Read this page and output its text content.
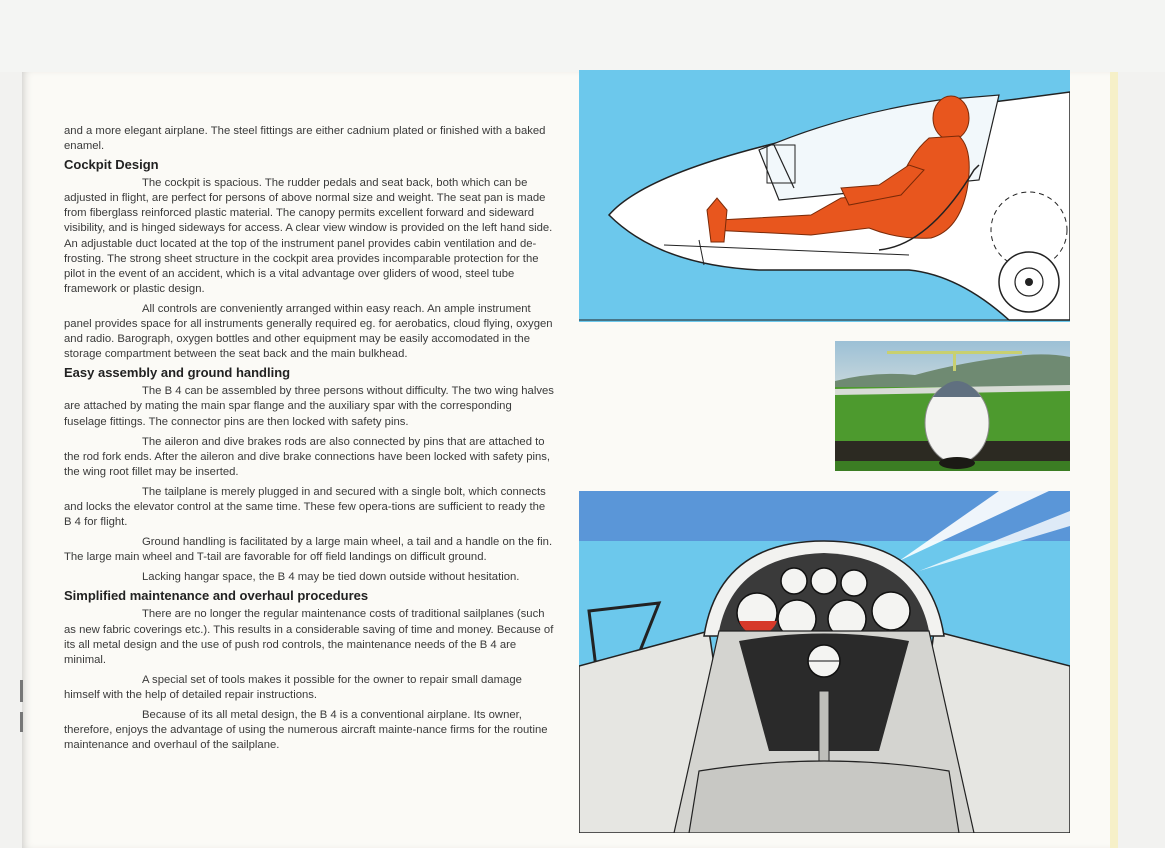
and a more elegant airplane. The steel fittings are either cadnium plated or finished with a baked enamel.

Cockpit Design

The cockpit is spacious. The rudder pedals and seat back, both which can be adjusted in flight, are perfect for persons of above normal size and weight. The seat pan is made from fiberglass reinforced plastic material. The canopy permits excellent forward and sideward visibility, and is hinged sideways for access. A clear view window is provided on the left hand side. An adjustable duct located at the top of the instrument panel provides cabin ventilation and de-frosting. The strong sheet structure in the cockpit area provides incomparable protection for the pilot in the event of an accident, which is a vital advantage over gliders of wood, steel tube framework or plastic design.

All controls are conveniently arranged within easy reach. An ample instrument panel provides space for all instruments generally required eg. for aerobatics, cloud flying, oxygen and radio. Barograph, oxygen bottles and other equipment may be easily accomodated in the storage compartment between the seat back and the main bulkhead.

Easy assembly and ground handling

The B 4 can be assembled by three persons without difficulty. The two wing halves are attached by mating the main spar flange and the auxiliary spar with the corresponding fuselage fittings. The connector pins are then locked with safety pins.

The aileron and dive brakes rods are also connected by pins that are attached to the rod fork ends. After the aileron and dive brake connections have been locked with safety pins, the wing root fillet may be inserted.

The tailplane is merely plugged in and secured with a single bolt, which connects and locks the elevator control at the same time. These few opera-tions are sufficient to ready the B 4 for flight.

Ground handling is facilitated by a large main wheel, a tail and a handle on the fin. The large main wheel and T-tail are favorable for off field landings on difficult ground.

Lacking hangar space, the B 4 may be tied down outside without hesitation.

Simplified maintenance and overhaul procedures

There are no longer the regular maintenance costs of traditional sailplanes (such as new fabric coverings etc.). This results in a considerable saving of time and money. Because of its all metal design and the use of push rod controls, the maintenance needs of the B 4 are minimal.

A special set of tools makes it possible for the owner to repair small damage himself with the help of detailed repair instructions.

Because of its all metal design, the B 4 is a conventional airplane. Its owner, therefore, enjoys the advantage of using the numerous aircraft mainte-nance firms for the routine maintenance and overhaul of the sailplane.
